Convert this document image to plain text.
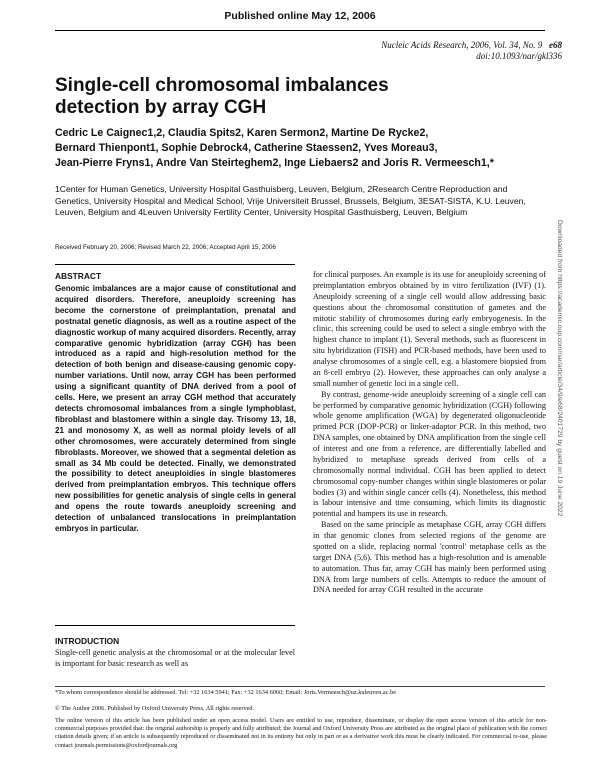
Published online May 12, 2006
Nucleic Acids Research, 2006, Vol. 34, No. 9 e68
doi:10.1093/nar/gkl336
Single-cell chromosomal imbalances
detection by array CGH
Cedric Le Caignec1,2, Claudia Spits2, Karen Sermon2, Martine De Rycke2,
Bernard Thienpont1, Sophie Debrock4, Catherine Staessen2, Yves Moreau3,
Jean-Pierre Fryns1, Andre Van Steirteghem2, Inge Liebaers2 and Joris R. Vermeesch1,*
1Center for Human Genetics, University Hospital Gasthuisberg, Leuven, Belgium, 2Research Centre Reproduction and Genetics, University Hospital and Medical School, Vrije Universiteit Brussel, Brussels, Belgium, 3ESAT-SISTA, K.U. Leuven, Leuven, Belgium and 4Leuven University Fertility Center, University Hospital Gasthuisberg, Leuven, Belgium
Received February 20, 2006; Revised March 22, 2006; Accepted April 15, 2006
ABSTRACT
Genomic imbalances are a major cause of constitutional and acquired disorders. Therefore, aneuploidy screening has become the cornerstone of preimplantation, prenatal and postnatal genetic diagnosis, as well as a routine aspect of the diagnostic workup of many acquired disorders. Recently, array comparative genomic hybridization (array CGH) has been introduced as a rapid and high-resolution method for the detection of both benign and disease-causing genomic copy-number variations. Until now, array CGH has been performed using a significant quantity of DNA derived from a pool of cells. Here, we present an array CGH method that accurately detects chromosomal imbalances from a single lymphoblast, fibroblast and blastomere within a single day. Trisomy 13, 18, 21 and monosomy X, as well as normal ploidy levels of all other chromosomes, were accurately determined from single fibroblasts. Moreover, we showed that a segmental deletion as small as 34 Mb could be detected. Finally, we demonstrated the possibility to detect aneuploidies in single blastomeres derived from preimplantation embryos. This technique offers new possibilities for genetic analysis of single cells in general and opens the route towards aneuploidy screening and detection of unbalanced translocations in preimplantation embryos in particular.
INTRODUCTION
Single-cell genetic analysis at the chromosomal or at the molecular level is important for basic research as well as

for clinical purposes. An example is its use for aneuploidy screening of preimplantation embryos obtained by in vitro fertilization (IVF) (1). Aneuploidy screening of a single cell would allow addressing basic questions about the chromosomal constitution of gametes and the mitotic stability of chromosomes during early embryogenesis. In the clinic, this screening could be used to select a single embryo with the highest chance to implant (1). Several methods, such as fluorescent in situ hybridization (FISH) and PCR-based methods, have been used to analyse chromosomes of a single cell, e.g. a blastomere biopsied from an 8-cell embryo (2). However, these approaches can only analyse a small number of genetic loci in a single cell.

By contrast, genome-wide aneuploidy screening of a single cell can be performed by comparative genomic hybridization (CGH) following whole genome amplification (WGA) by degenerated oligonucleotide primed PCR (DOP-PCR) or linker-adaptor PCR. In this method, two DNA samples, one obtained by DNA amplification from the single cell of interest and one from a reference, are differentially labelled and hybridized to metaphase spreads derived from cells of a chromosomally normal individual. CGH has been applied to detect chromosomal copy-number changes within single blastomeres or polar bodies (3) and within single cancer cells (4). Nonetheless, this method is labour intensive and time consuming, which limits its diagnostic potential and hampers its use in research.

Based on the same principle as metaphase CGH, array CGH differs in that genomic clones from selected regions of the genome are spotted on a slide, replacing normal 'control' metaphase cells as the target DNA (5,6). This method has a high-resolution and is amenable to automation. Thus far, array CGH has mainly been performed using DNA from large numbers of cells. Attempts to reduce the amount of DNA needed for array CGH resulted in the accurate

*To whom correspondence should be addressed. Tel: +32 1634 5941; Fax: +32 1634 6060; Email: Joris.Vermeesch@uz.kuleuven.ac.be
© The Author 2006. Published by Oxford University Press. All rights reserved.
The online version of this article has been published under an open access model. Users are entitled to use, reproduce, disseminate, or display the open access version of this article for non-commercial purposes provided that: the original authorship is properly and fully attributed; the Journal and Oxford University Press are attributed as the original place of publication with the correct citation details given; if an article is subsequently reproduced or disseminated not in its entirety but only in part or as a derivative work this must be clearly indicated. For commercial re-use, please contact journals.permissions@oxfordjournals.org
Downloaded from https://academic.oup.com/nar/article/34/9/e68/2401729 by guest on 19 June 2022
